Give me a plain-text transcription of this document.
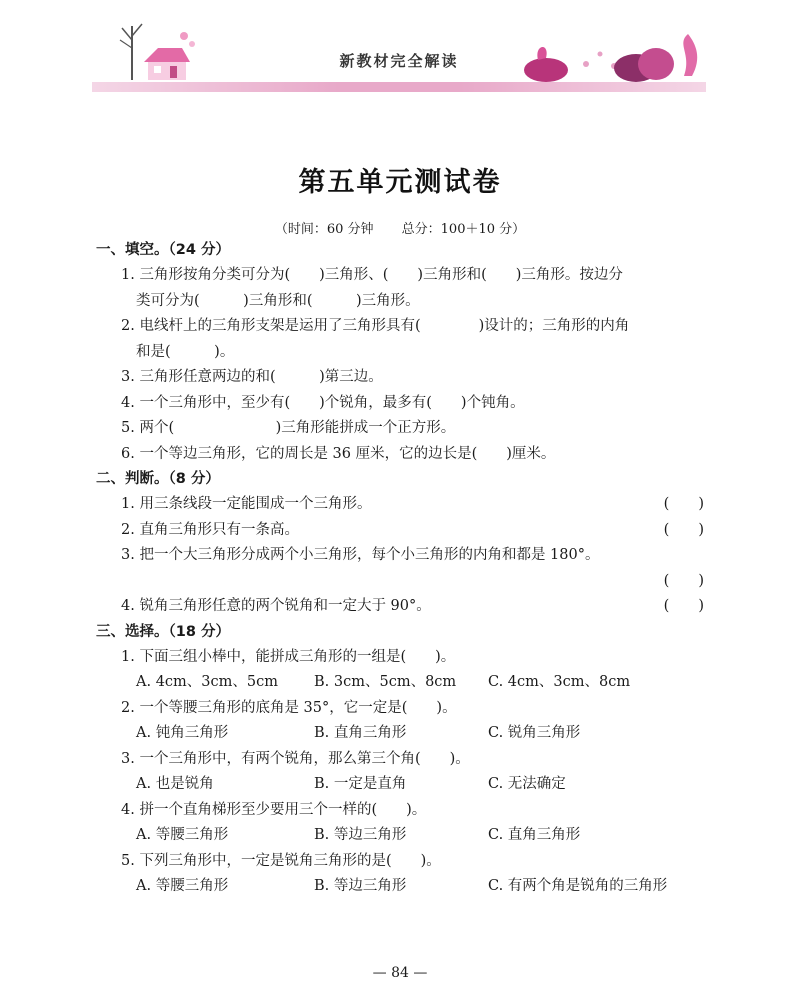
新教材完全解读
第五单元测试卷
（时间：60 分钟 总分：100＋10 分）
一、填空。（24 分）
1. 三角形按角分类可分为(　　)三角形、(　　)三角形和(　　)三角形。按边分
类可分为(　　　)三角形和(　　　)三角形。
2. 电线杆上的三角形支架是运用了三角形具有(　　　　)设计的；三角形的内角
和是(　　　)。
3. 三角形任意两边的和(　　　)第三边。
4. 一个三角形中，至少有(　　)个锐角，最多有(　　)个钝角。
5. 两个(　　　　　　　)三角形能拼成一个正方形。
6. 一个等边三角形，它的周长是 36 厘米，它的边长是(　　)厘米。
二、判断。（8 分）
1. 用三条线段一定能围成一个三角形。	(　　)
2. 直角三角形只有一条高。	(　　)
3. 把一个大三角形分成两个小三角形，每个小三角形的内角和都是 180°。
(　　)
4. 锐角三角形任意的两个锐角和一定大于 90°。	(　　)
三、选择。（18 分）
1. 下面三组小棒中，能拼成三角形的一组是(　　)。
A. 4cm、3cm、5cm B. 3cm、5cm、8cm C. 4cm、3cm、8cm
2. 一个等腰三角形的底角是 35°，它一定是(　　)。
A. 钝角三角形	B. 直角三角形	C. 锐角三角形
3. 一个三角形中，有两个锐角，那么第三个角(　　)。
A. 也是锐角	B. 一定是直角	C. 无法确定
4. 拼一个直角梯形至少要用三个一样的(　　)。
A. 等腰三角形	B. 等边三角形	C. 直角三角形
5. 下列三角形中，一定是锐角三角形的是(　　)。
A. 等腰三角形	B. 等边三角形	C. 有两个角是锐角的三角形
— 84 —
